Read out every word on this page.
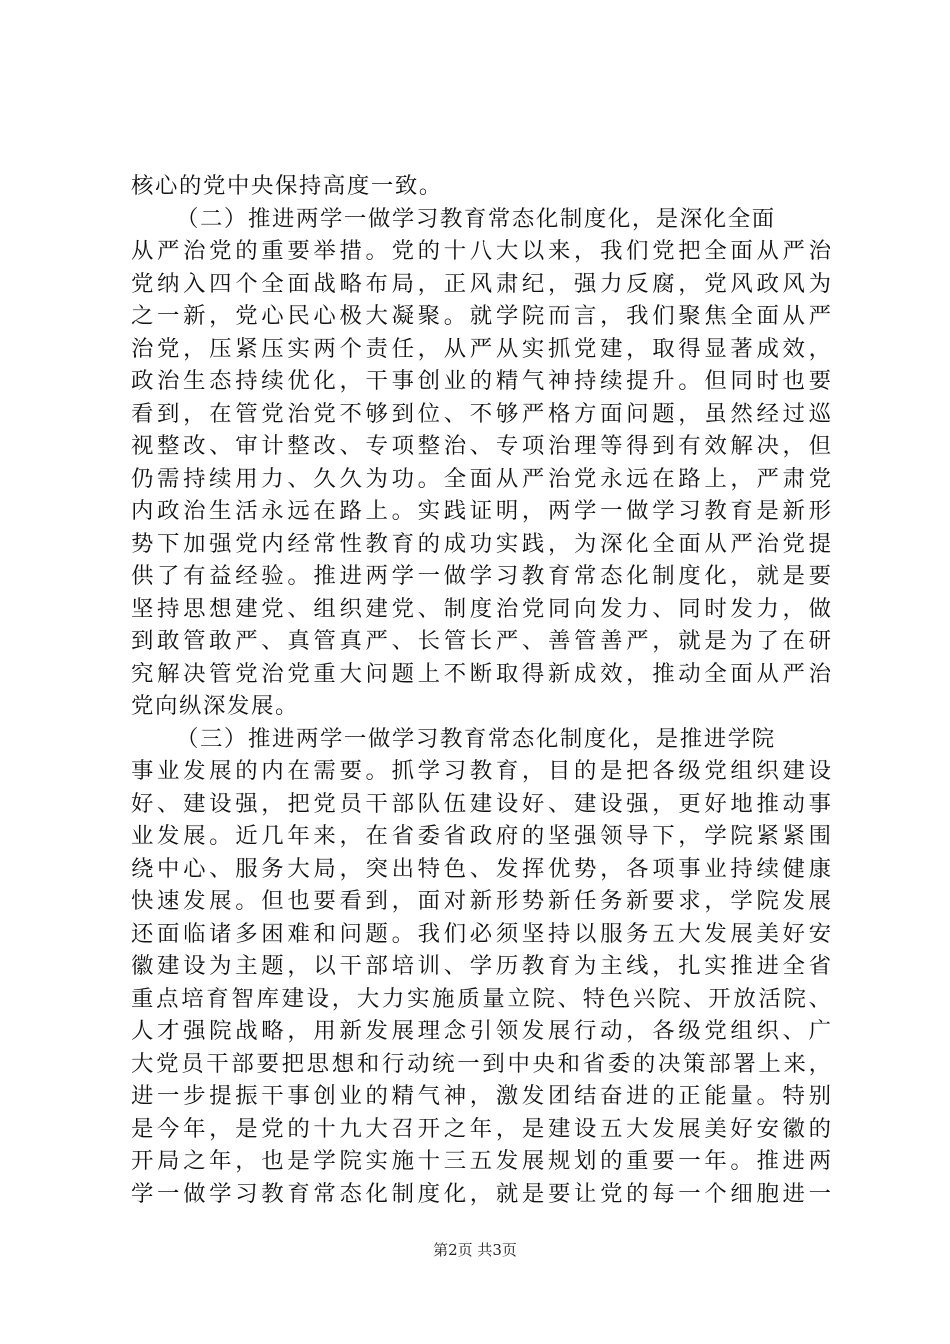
核心的党中央保持高度一致。
（二）推进两学一做学习教育常态化制度化，是深化全面
从严治党的重要举措。党的十八大以来，我们党把全面从严治
党纳入四个全面战略布局，正风肃纪，强力反腐，党风政风为
之一新，党心民心极大凝聚。就学院而言，我们聚焦全面从严
治党，压紧压实两个责任，从严从实抓党建，取得显著成效，
政治生态持续优化，干事创业的精气神持续提升。但同时也要
看到，在管党治党不够到位、不够严格方面问题，虽然经过巡
视整改、审计整改、专项整治、专项治理等得到有效解决，但
仍需持续用力、久久为功。全面从严治党永远在路上，严肃党
内政治生活永远在路上。实践证明，两学一做学习教育是新形
势下加强党内经常性教育的成功实践，为深化全面从严治党提
供了有益经验。推进两学一做学习教育常态化制度化，就是要
坚持思想建党、组织建党、制度治党同向发力、同时发力，做
到敢管敢严、真管真严、长管长严、善管善严，就是为了在研
究解决管党治党重大问题上不断取得新成效，推动全面从严治
党向纵深发展。
（三）推进两学一做学习教育常态化制度化，是推进学院
事业发展的内在需要。抓学习教育，目的是把各级党组织建设
好、建设强，把党员干部队伍建设好、建设强，更好地推动事
业发展。近几年来，在省委省政府的坚强领导下，学院紧紧围
绕中心、服务大局，突出特色、发挥优势，各项事业持续健康
快速发展。但也要看到，面对新形势新任务新要求，学院发展
还面临诸多困难和问题。我们必须坚持以服务五大发展美好安
徽建设为主题，以干部培训、学历教育为主线，扎实推进全省
重点培育智库建设，大力实施质量立院、特色兴院、开放活院、
人才强院战略，用新发展理念引领发展行动，各级党组织、广
大党员干部要把思想和行动统一到中央和省委的决策部署上来，
进一步提振干事创业的精气神，激发团结奋进的正能量。特别
是今年，是党的十九大召开之年，是建设五大发展美好安徽的
开局之年，也是学院实施十三五发展规划的重要一年。推进两
学一做学习教育常态化制度化，就是要让党的每一个细胞进一
第2页 共3页
